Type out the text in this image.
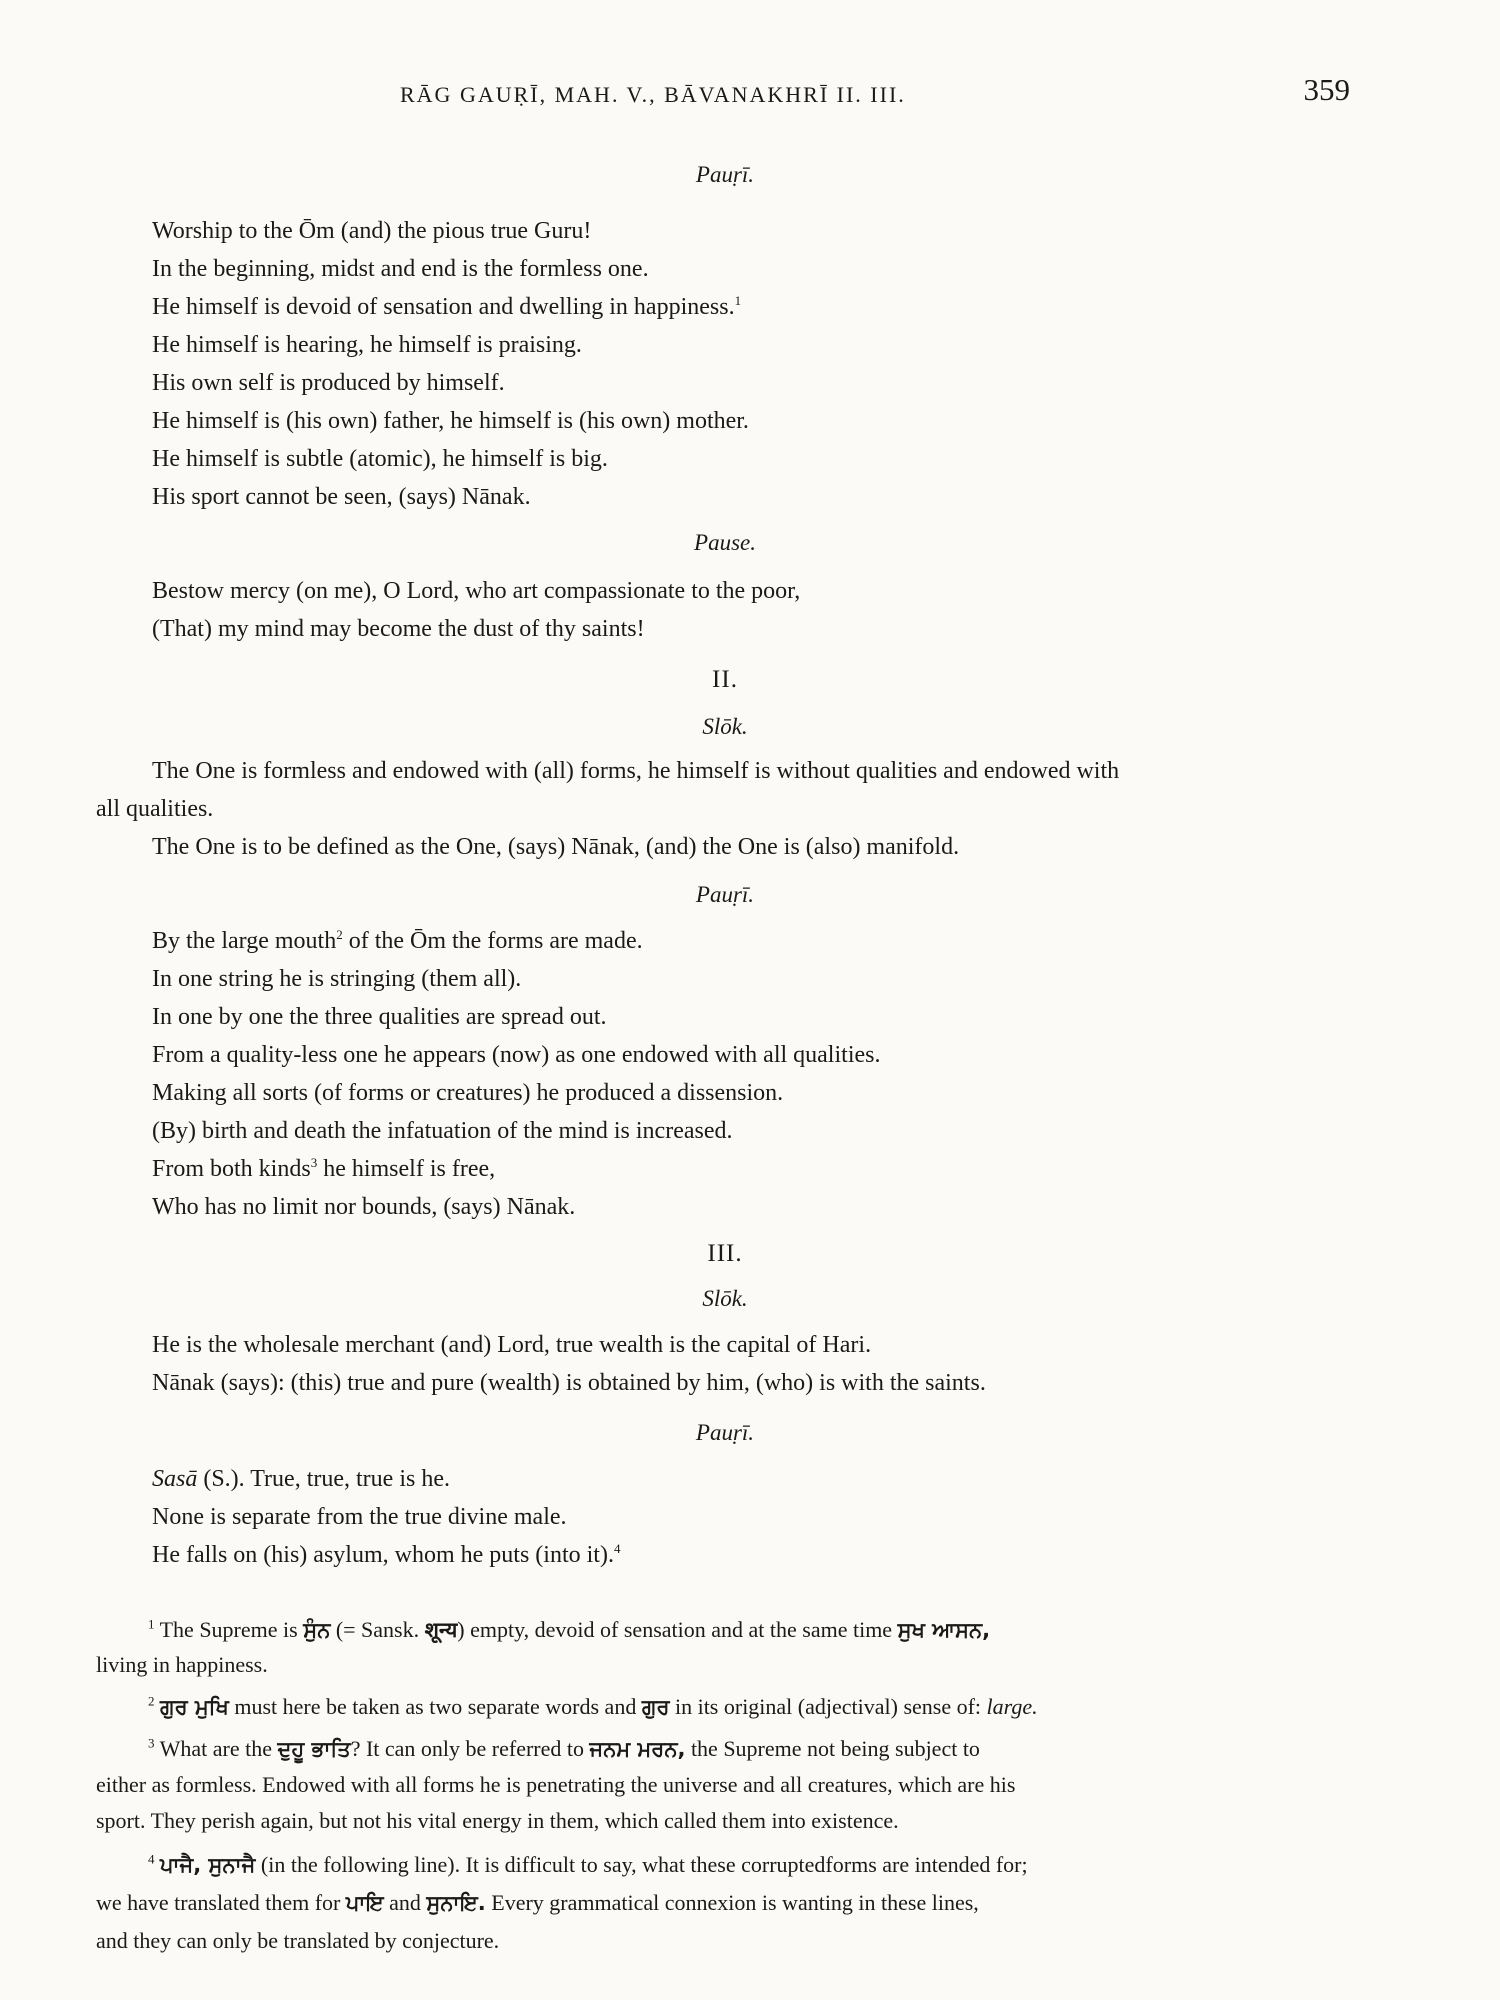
RĀG GAUṚĪ, MAH. V., BĀVANAKHRĪ II. III.	359
Pauṛī.
Worship to the Ōm (and) the pious true Guru!
In the beginning, midst and end is the formless one.
He himself is devoid of sensation and dwelling in happiness.$^1$
He himself is hearing, he himself is praising.
His own self is produced by himself.
He himself is (his own) father, he himself is (his own) mother.
He himself is subtle (atomic), he himself is big.
His sport cannot be seen, (says) Nānak.
Pause.
Bestow mercy (on me), O Lord, who art compassionate to the poor,
(That) my mind may become the dust of thy saints!
II.
Slōk.
The One is formless and endowed with (all) forms, he himself is without qualities and endowed with
all qualities.
The One is to be defined as the One, (says) Nānak, (and) the One is (also) manifold.
Pauṛī.
By the large mouth$^2$ of the Ōm the forms are made.
In one string he is stringing (them all).
In one by one the three qualities are spread out.
From a quality-less one he appears (now) as one endowed with all qualities.
Making all sorts (of forms or creatures) he produced a dissension.
(By) birth and death the infatuation of the mind is increased.
From both kinds$^3$ he himself is free,
Who has no limit nor bounds, (says) Nānak.
III.
Slōk.
He is the wholesale merchant (and) Lord, true wealth is the capital of Hari.
Nānak (says): (this) true and pure (wealth) is obtained by him, (who) is with the saints.
Pauṛī.
Sasā (S.). True, true, true is he.
None is separate from the true divine male.
He falls on (his) asylum, whom he puts (into it).$^4$
$^1$ The Supreme is ਸੁੰਨ (= Sansk. शून्य) empty, devoid of sensation and at the same time ਸੁਖ ਆਸਨ,
living in happiness.
$^2$ ਗੁਰ ਮੁਖਿ must here be taken as two separate words and ਗੁਰ in its original (adjectival) sense of: large.
$^3$ What are the ਦੁਹੂ ਭਾਤਿ? It can only be referred to ਜਨਮ ਮਰਨ, the Supreme not being subject to
either as formless. Endowed with all forms he is penetrating the universe and all creatures, which are his
sport. They perish again, but not his vital energy in them, which called them into existence.
$^4$ ਪਾਜੈ, ਸੁਨਾਜੈ (in the following line). It is difficult to say, what these corruptedforms are intended for;
we have translated them for ਪਾਇ and ਸੁਨਾਇ. Every grammatical connexion is wanting in these lines,
and they can only be translated by conjecture.
